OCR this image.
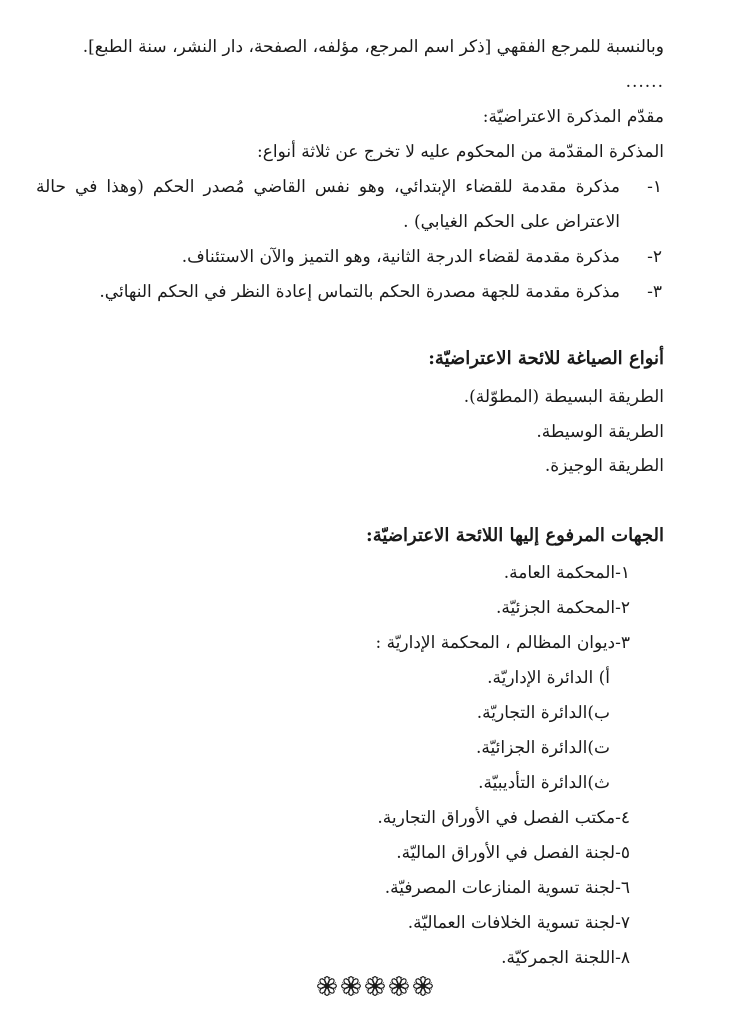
وبالنسبة للمرجع الفقهي [ذكر اسم المرجع، مؤلفه، الصفحة، دار النشر، سنة الطبع].
......
مقدّم المذكرة الاعتراضيّة:
المذكرة المقدّمة من المحكوم عليه لا تخرج عن ثلاثة أنواع:
١-
مذكرة مقدمة للقضاء الإبتدائي، وهو نفس القاضي مُصدر الحكم (وهذا في حالة
الاعتراض على الحكم الغيابي) .
٢-
مذكرة مقدمة لقضاء الدرجة الثانية، وهو التميز والآن الاستئناف.
٣-
مذكرة مقدمة للجهة مصدرة الحكم بالتماس إعادة النظر في الحكم النهائي.
أنواع الصياغة للائحة الاعتراضيّة:
الطريقة البسيطة (المطوّلة).
الطريقة الوسيطة.
الطريقة الوجيزة.
الجهات المرفوع إليها اللائحة الاعتراضيّة:
١-المحكمة العامة.
٢-المحكمة الجزئيّة.
٣-ديوان المظالم ، المحكمة الإداريّة :
أ) الدائرة الإداريّة.
ب)الدائرة التجاريّة.
ت)الدائرة الجزائيّة.
ث)الدائرة التأديبيّة.
٤-مكتب الفصل في الأوراق التجارية.
٥-لجنة الفصل في الأوراق الماليّة.
٦-لجنة تسوية المنازعات المصرفيّة.
٧-لجنة تسوية الخلافات العماليّة.
٨-اللجنة الجمركيّة.
